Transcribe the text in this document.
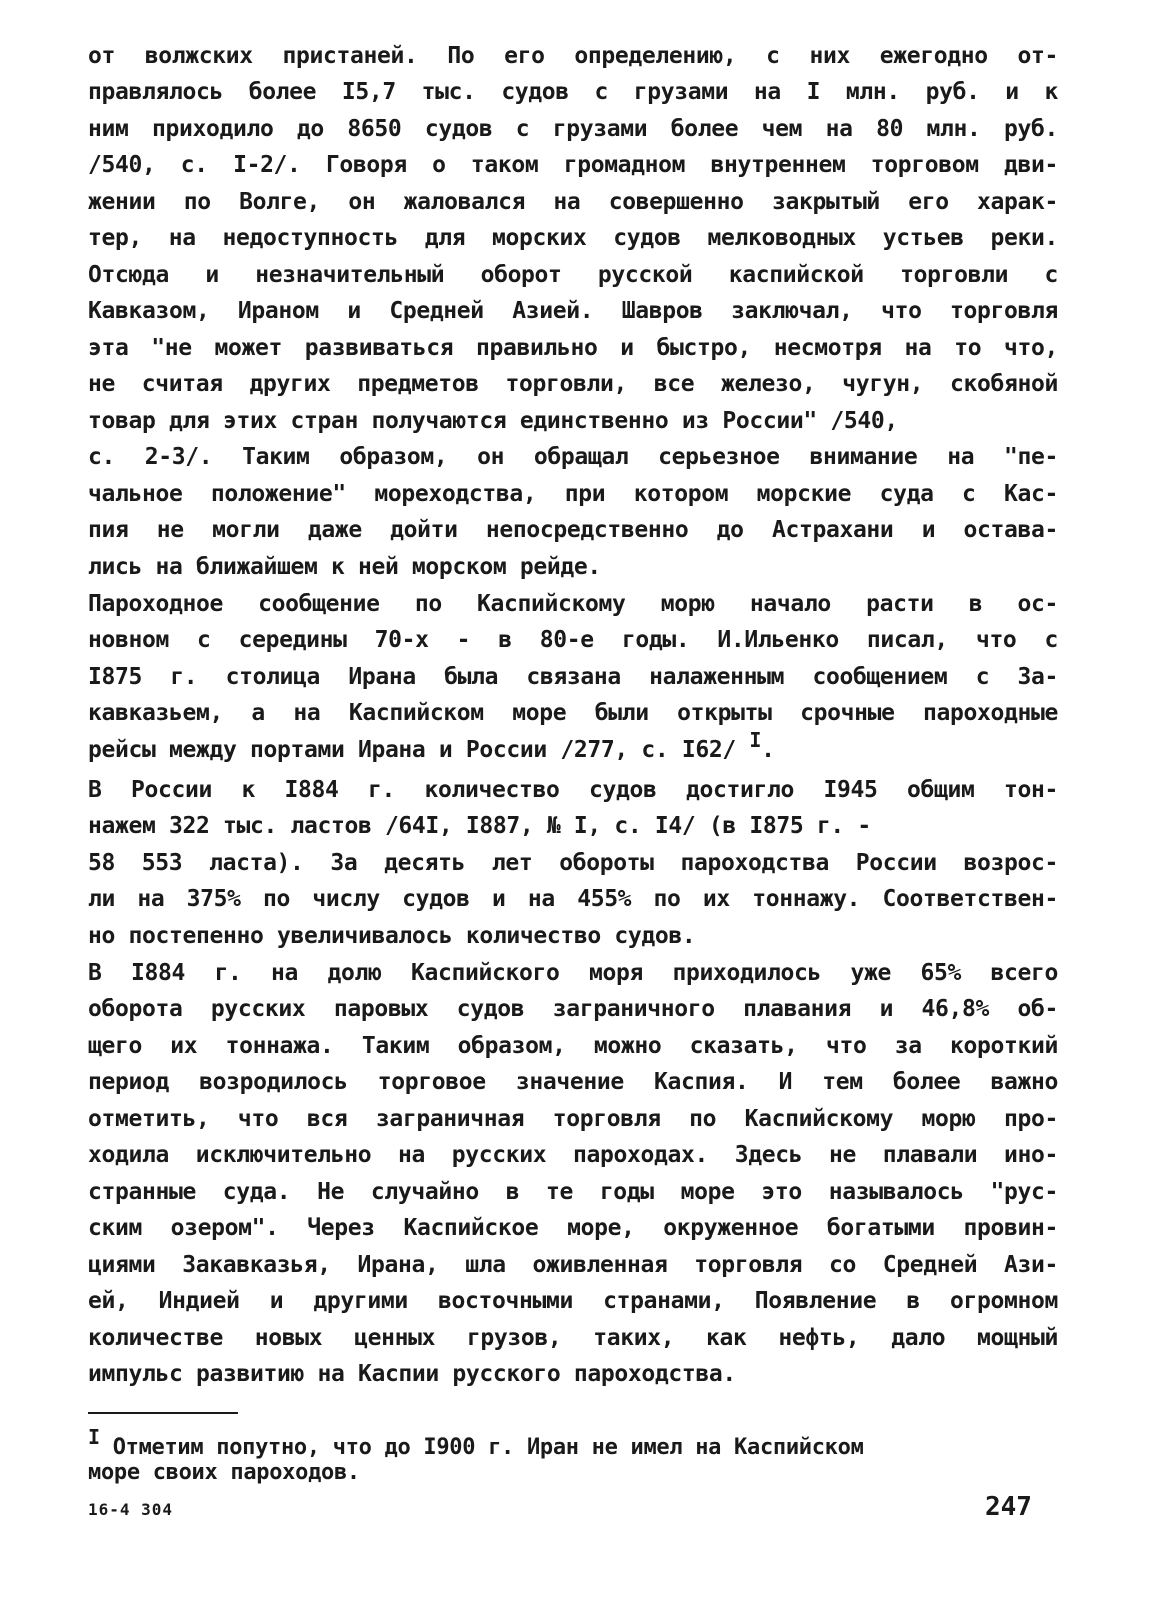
от волжских пристаней. По его определению, с них ежегодно от-
правлялось более I5,7 тыс. судов с грузами на I млн. руб. и к
ним приходило до 8650 судов с грузами более чем на 80 млн. руб.
/540, с. I-2/. Говоря о таком громадном внутреннем торговом дви-
жении по Волге, он жаловался на совершенно закрытый его харак-
тер, на недоступность для морских судов мелководных устьев реки.
Отсюда и незначительный оборот русской каспийской торговли с
Кавказом, Ираном и Средней Азией. Шавров заключал, что торговля
эта "не может развиваться правильно и быстро, несмотря на то что,
не считая других предметов торговли, все железо, чугун, скобяной
товар для этих стран получаются единственно из России" /540,
с. 2-3/. Таким образом, он обращал серьезное внимание на "пе-
чальное положение" мореходства, при котором морские суда с Кас-
пия не могли даже дойти непосредственно до Астрахани и остава-
лись на ближайшем к ней морском рейде.
Пароходное сообщение по Каспийскому морю начало расти в ос-
новном с середины 70-х - в 80-е годы. И.Ильенко писал, что с
I875 г. столица Ирана была связана налаженным сообщением с За-
кавказьем, а на Каспийском море были открыты срочные пароходные
рейсы между портами Ирана и России /277, с. I62/ I.
В России к I884 г. количество судов достигло I945 общим тон-
нажем 322 тыс. ластов /64I, I887, № I, с. I4/ (в I875 г. -
58 553 ласта). За десять лет обороты пароходства России возрос-
ли на 375% по числу судов и на 455% по их тоннажу. Соответствен-
но постепенно увеличивалось количество судов.
В I884 г. на долю Каспийского моря приходилось уже 65% всего
оборота русских паровых судов заграничного плавания и 46,8% об-
щего их тоннажа. Таким образом, можно сказать, что за короткий
период возродилось торговое значение Каспия. И тем более важно
отметить, что вся заграничная торговля по Каспийскому морю про-
ходила исключительно на русских пароходах. Здесь не плавали ино-
странные суда. Не случайно в те годы море это называлось "рус-
ским озером". Через Каспийское море, окруженное богатыми провин-
циями Закавказья, Ирана, шла оживленная торговля со Средней Ази-
ей, Индией и другими восточными странами, Появление в огромном
количестве новых ценных грузов, таких, как нефть, дало мощный
импульс развитию на Каспии русского пароходства.
I Отметим попутно, что до I900 г. Иран не имел на Каспийском
море своих пароходов.
16-4 304	247
